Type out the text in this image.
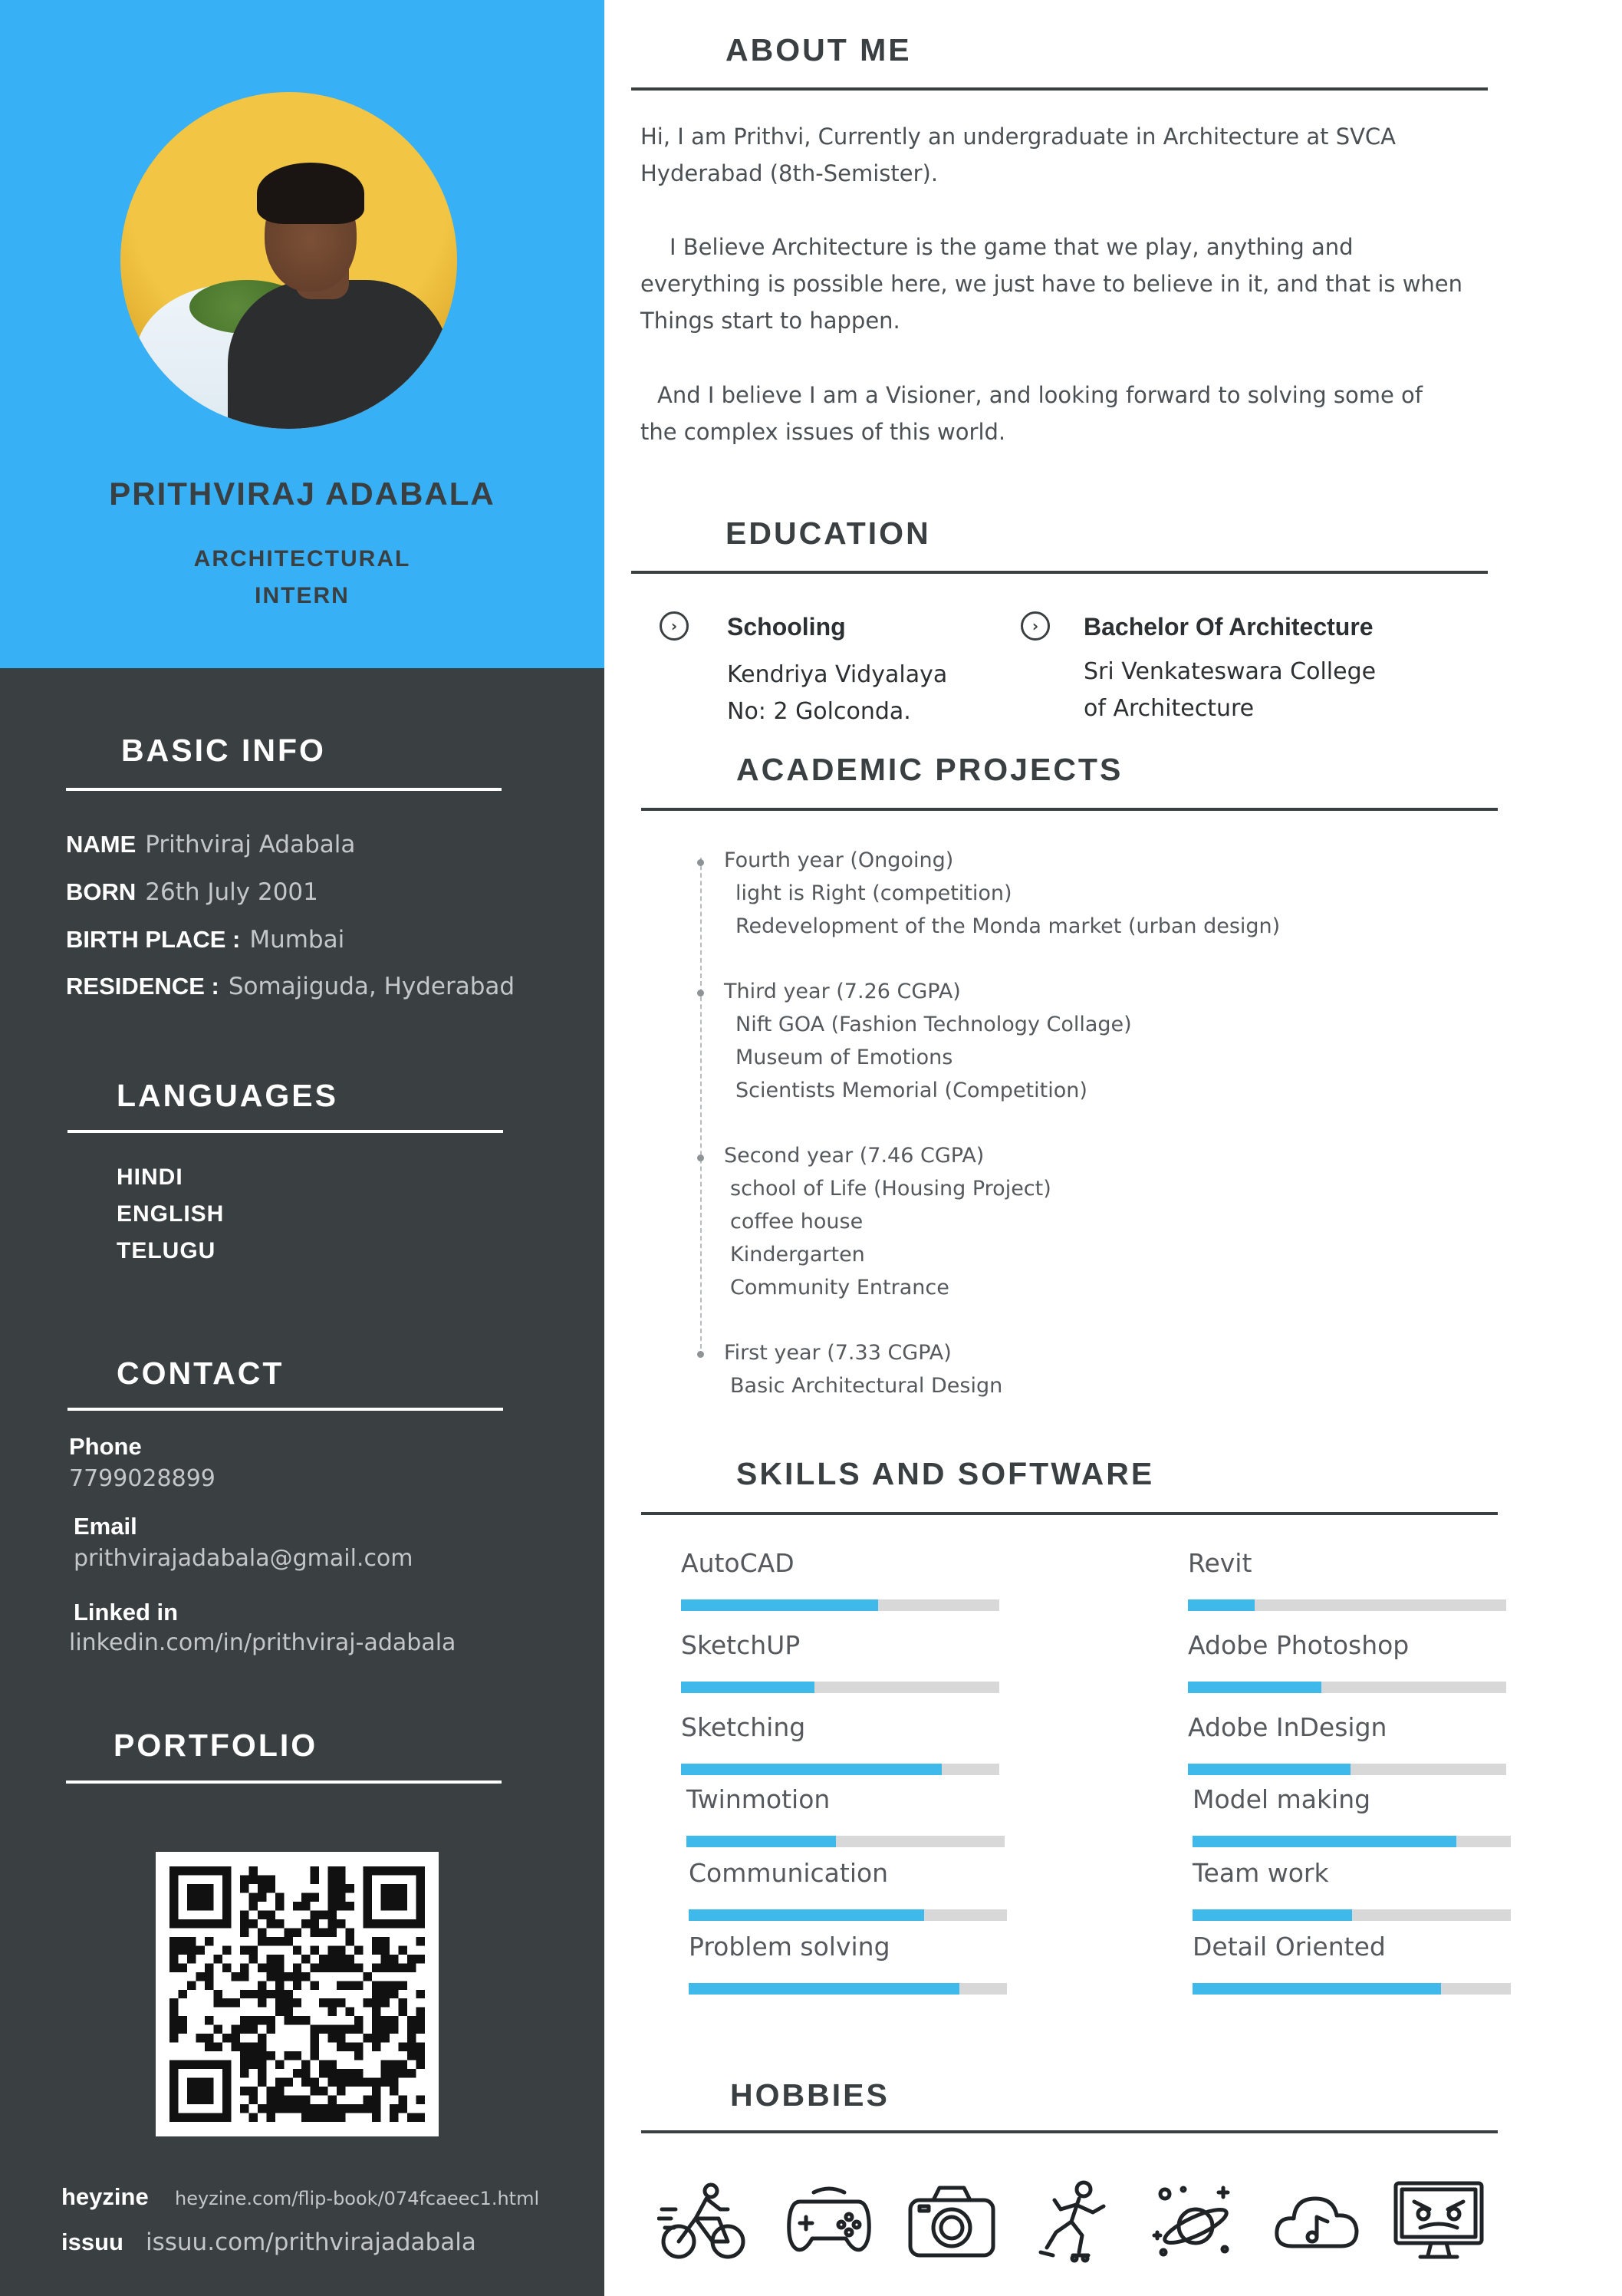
PRITHVIRAJ ADABALA
ARCHITECTURAL
INTERN
BASIC INFO
NAME Prithviraj Adabala
BORN 26th July 2001
BIRTH PLACE : Mumbai
RESIDENCE : Somajiguda, Hyderabad
LANGUAGES
HINDI
ENGLISH
TELUGU
CONTACT
Phone
7799028899
Email
prithvirajadabala@gmail.com
Linked in
linkedin.com/in/prithviraj-adabala
PORTFOLIO
heyzine heyzine.com/flip-book/074fcaeec1.html
issuu issuu.com/prithvirajadabala
ABOUT ME
Hi, I am Prithvi, Currently an undergraduate in Architecture at SVCA
Hyderabad (8th-Semister).
I Believe Architecture is the game that we play, anything and
everything is possible here, we just have to believe in it, and that is when
Things start to happen.
And I believe I am a Visioner, and looking forward to solving some of
the complex issues of this world.
EDUCATION
›	Schooling
Kendriya Vidyalaya
No: 2 Golconda.
›	Bachelor Of Architecture
Sri Venkateswara College
of Architecture
ACADEMIC PROJECTS
Fourth year (Ongoing)
light is Right (competition)
Redevelopment of the Monda market (urban design)
Third year (7.26 CGPA)
Nift GOA (Fashion Technology Collage)
Museum of Emotions
Scientists Memorial (Competition)
Second year (7.46 CGPA)
school of Life (Housing Project)
coffee house
Kindergarten
Community Entrance
First year (7.33 CGPA)
Basic Architectural Design
SKILLS AND SOFTWARE
AutoCAD	Revit
SketchUP	Adobe Photoshop
Sketching	Adobe InDesign
Twinmotion	Model making
Communication	Team work
Problem solving	Detail Oriented
HOBBIES
